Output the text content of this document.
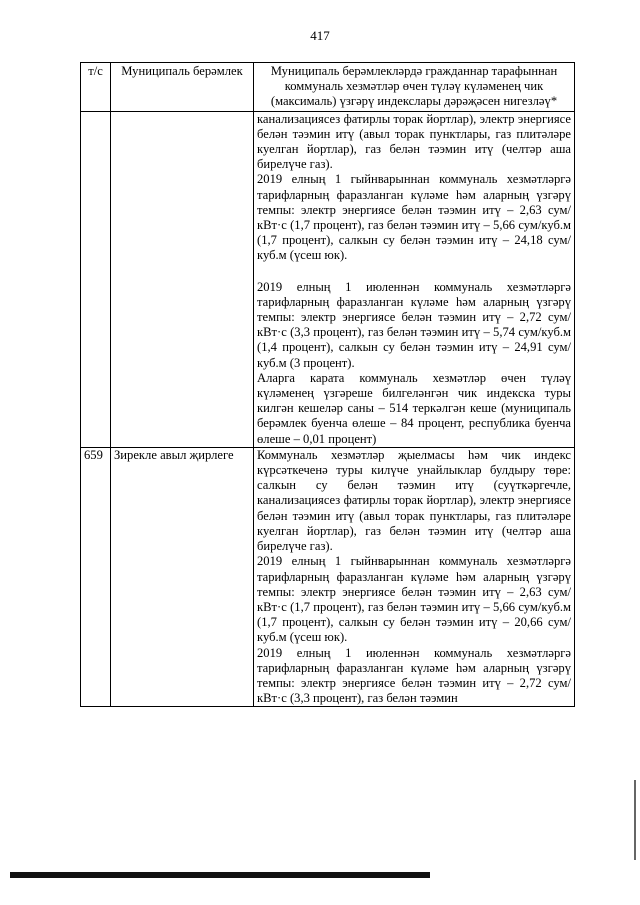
417
т/с	Муниципаль берәмлек	Муниципаль берәмлекләрдә гражданнар тарафыннан коммуналь хезмәтләр өчен түләү күләменең чик (максималь) үзгәрү индекслары дәрәҗәсен нигезләү*

		канализациясез фатирлы торак йортлар), электр энергиясе белән тәэмин итү (авыл торак пунктлары, газ плитәләре куелган йортлар), газ белән тәэмин итү (челтәр аша бирелүче газ).

2019 елның 1 гыйнварыннан коммуналь хезмәтләргә тарифларның фаразланган күләме һәм аларның үзгәрү темпы: электр энергиясе белән тәэмин итү – 2,63 сум/кВт·с (1,7 процент), газ белән тәэмин итү – 5,66 сум/куб.м (1,7 процент), салкын су белән тәэмин итү – 24,18 сум/куб.м (үсеш юк).

2019 елның 1 июленнән коммуналь хезмәтләргә тарифларның фаразланган күләме һәм аларның үзгәрү темпы: электр энергиясе белән тәэмин итү – 2,72 сум/кВт·с (3,3 процент), газ белән тәэмин итү – 5,74 сум/куб.м (1,4 процент), салкын су белән тәэмин итү – 24,91 сум/куб.м (3 процент).

Аларга карата коммуналь хезмәтләр өчен түләү күләменең үзгәреше билгеләнгән чик индекска туры килгән кешеләр саны – 514 теркәлгән кеше (муниципаль берәмлек буенча өлеше – 84 процент, республика буенча өлеше – 0,01 процент)

659	Зирекле авыл җирлеге	Коммуналь хезмәтләр җыелмасы һәм чик индекс күрсәткеченә туры килүче унайлыклар булдыру төре: салкын су белән тәэмин итү (суүткәргечле, канализациясез фатирлы торак йортлар), электр энергиясе белән тәэмин итү (авыл торак пунктлары, газ плитәләре куелган йортлар), газ белән тәэмин итү (челтәр аша бирелүче газ).

2019 елның 1 гыйнварыннан коммуналь хезмәтләргә тарифларның фаразланган күләме һәм аларның үзгәрү темпы: электр энергиясе белән тәэмин итү – 2,63 сум/кВт·с (1,7 процент), газ белән тәэмин итү – 5,66 сум/куб.м (1,7 процент), салкын су белән тәэмин итү – 20,66 сум/куб.м (үсеш юк).

2019 елның 1 июленнән коммуналь хезмәтләргә тарифларның фаразланган күләме һәм аларның үзгәрү темпы: электр энергиясе белән тәэмин итү – 2,72 сум/кВт·с (3,3 процент), газ белән тәэмин
